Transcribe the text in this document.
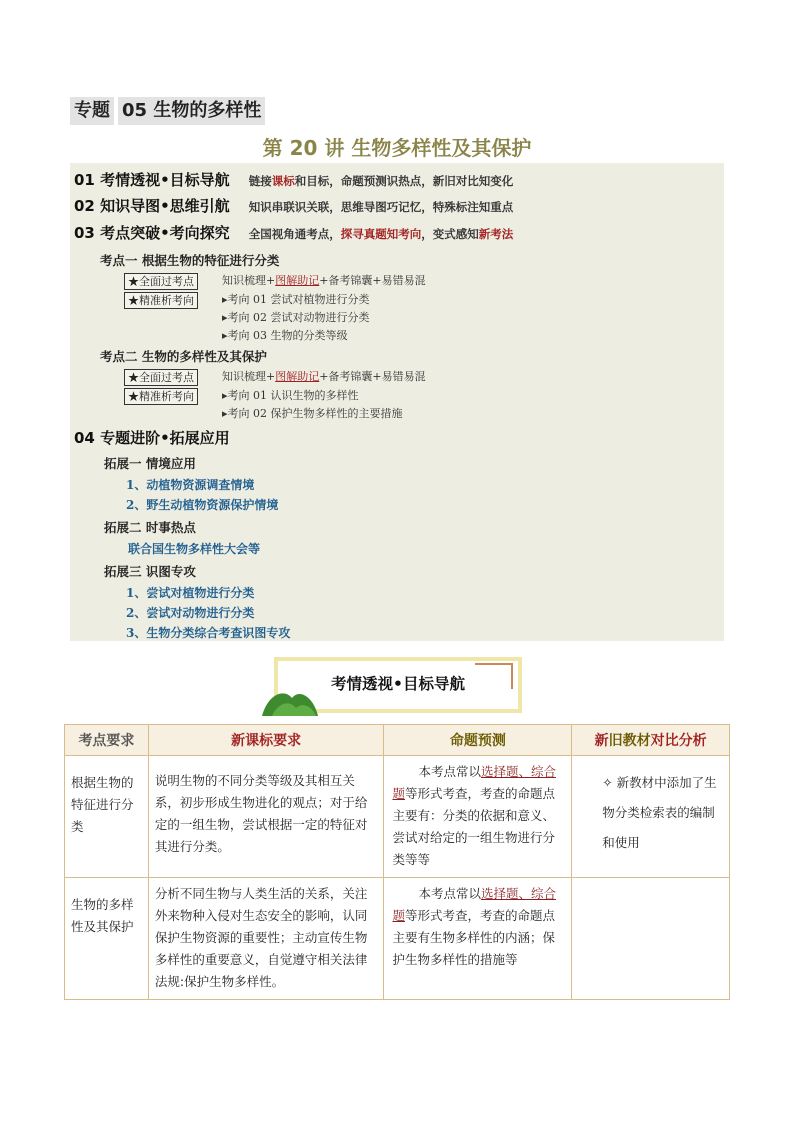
专题 05 生物的多样性
第 20 讲 生物多样性及其保护
01 考情透视•目标导航 链接课标和目标，命题预测识热点，新旧对比知变化
02 知识导图•思维引航 知识串联识关联，思维导图巧记忆，特殊标注知重点
03 考点突破•考向探究 全国视角通考点，探寻真题知考向，变式感知新考法
考点一 根据生物的特征进行分类
★全面过考点	知识梳理+图解助记+备考锦囊+易错易混
★精准析考向	▸考向 01 尝试对植物进行分类
▸考向 02 尝试对动物进行分类
▸考向 03 生物的分类等级
考点二 生物的多样性及其保护
★全面过考点	知识梳理+图解助记+备考锦囊+易错易混
★精准析考向	▸考向 01 认识生物的多样性
▸考向 02 保护生物多样性的主要措施
04 专题进阶•拓展应用
拓展一 情境应用
1、动植物资源调查情境
2、野生动植物资源保护情境
拓展二 时事热点
联合国生物多样性大会等
拓展三 识图专攻
1、尝试对植物进行分类
2、尝试对动物进行分类
3、生物分类综合考查识图专攻
考情透视•目标导航
考点要求	新课标要求	命题预测	新旧教材对比分析
根据生物的特征进行分类	说明生物的不同分类等级及其相互关系，初步形成生物进化的观点；对于给定的一组生物，尝试根据一定的特征对其进行分类。	本考点常以选择题、综合题等形式考查，考查的命题点主要有：分类的依据和意义、尝试对给定的一组生物进行分类等等	✧ 新教材中添加了生物分类检索表的编制和使用
生物的多样性及其保护	分析不同生物与人类生活的关系，关注外来物种入侵对生态安全的影响，认同保护生物资源的重要性；主动宣传生物多样性的重要意义，自觉遵守相关法律法规:保护生物多样性。	本考点常以选择题、综合题等形式考查，考查的命题点主要有生物多样性的内涵；保护生物多样性的措施等	
